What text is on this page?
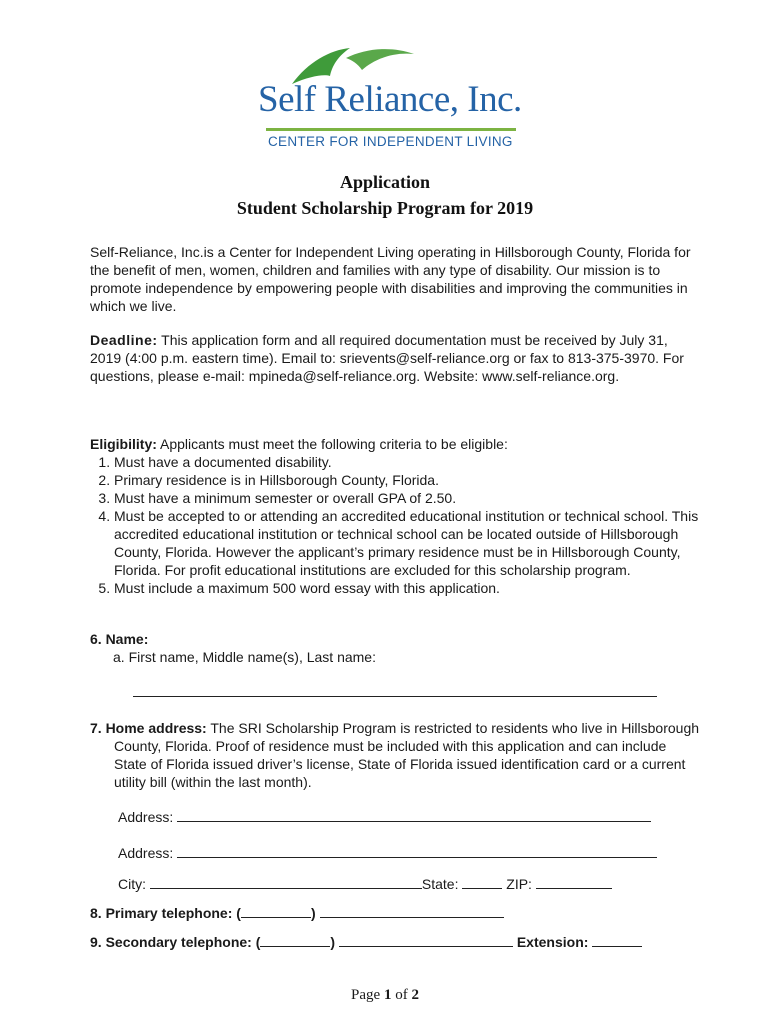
Self Reliance, Inc.
CENTER FOR INDEPENDENT LIVING
Application
Student Scholarship Program for 2019
Self-Reliance, Inc.is a Center for Independent Living operating in Hillsborough County, Florida for the benefit of men, women, children and families with any type of disability. Our mission is to promote independence by empowering people with disabilities and improving the communities in which we live.
Deadline: This application form and all required documentation must be received by July 31, 2019 (4:00 p.m. eastern time). Email to: srievents@self-reliance.org or fax to 813-375-3970. For questions, please e-mail: mpineda@self-reliance.org. Website: www.self-reliance.org.
Eligibility: Applicants must meet the following criteria to be eligible:
1. Must have a documented disability.
2. Primary residence is in Hillsborough County, Florida.
3. Must have a minimum semester or overall GPA of 2.50.
4. Must be accepted to or attending an accredited educational institution or technical school. This accredited educational institution or technical school can be located outside of Hillsborough County, Florida. However the applicant’s primary residence must be in Hillsborough County, Florida. For profit educational institutions are excluded for this scholarship program.
5. Must include a maximum 500 word essay with this application.
6. Name:
a. First name, Middle name(s), Last name:
7. Home address: The SRI Scholarship Program is restricted to residents who live in Hillsborough County, Florida. Proof of residence must be included with this application and can include State of Florida issued driver’s license, State of Florida issued identification card or a current utility bill (within the last month).
Address:
Address:
City:	State:	ZIP:
8. Primary telephone: (	)
9. Secondary telephone: (	)	Extension:
Page 1 of 2
